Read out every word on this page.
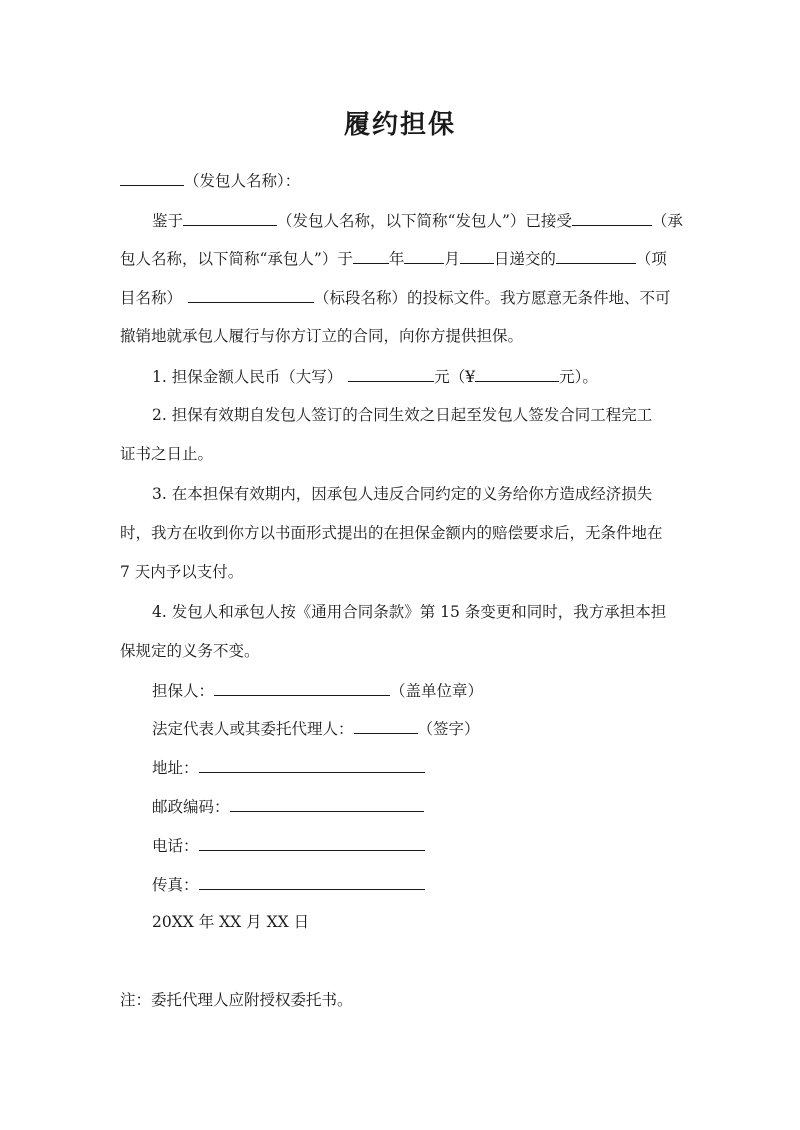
履约担保
（发包人名称）：
鉴于	（发包人名称，以下简称“发包人”）已接受	（承
包人名称，以下简称“承包人”）于 年	月 日递交的	（项
目名称）	（标段名称）的投标文件。我方愿意无条件地、不可
撤销地就承包人履行与你方订立的合同，向你方提供担保。
1. 担保金额人民币（大写）	元（¥	元）。
2. 担保有效期自发包人签订的合同生效之日起至发包人签发合同工程完工
证书之日止。
3. 在本担保有效期内，因承包人违反合同约定的义务给你方造成经济损失
时，我方在收到你方以书面形式提出的在担保金额内的赔偿要求后，无条件地在
7 天内予以支付。
4. 发包人和承包人按《通用合同条款》第 15 条变更和同时，我方承担本担
保规定的义务不变。
担保人：	（盖单位章）
法定代表人或其委托代理人：	（签字）
地址：
邮政编码：
电话：
传真：
20XX 年 XX 月 XX 日
注：委托代理人应附授权委托书。
